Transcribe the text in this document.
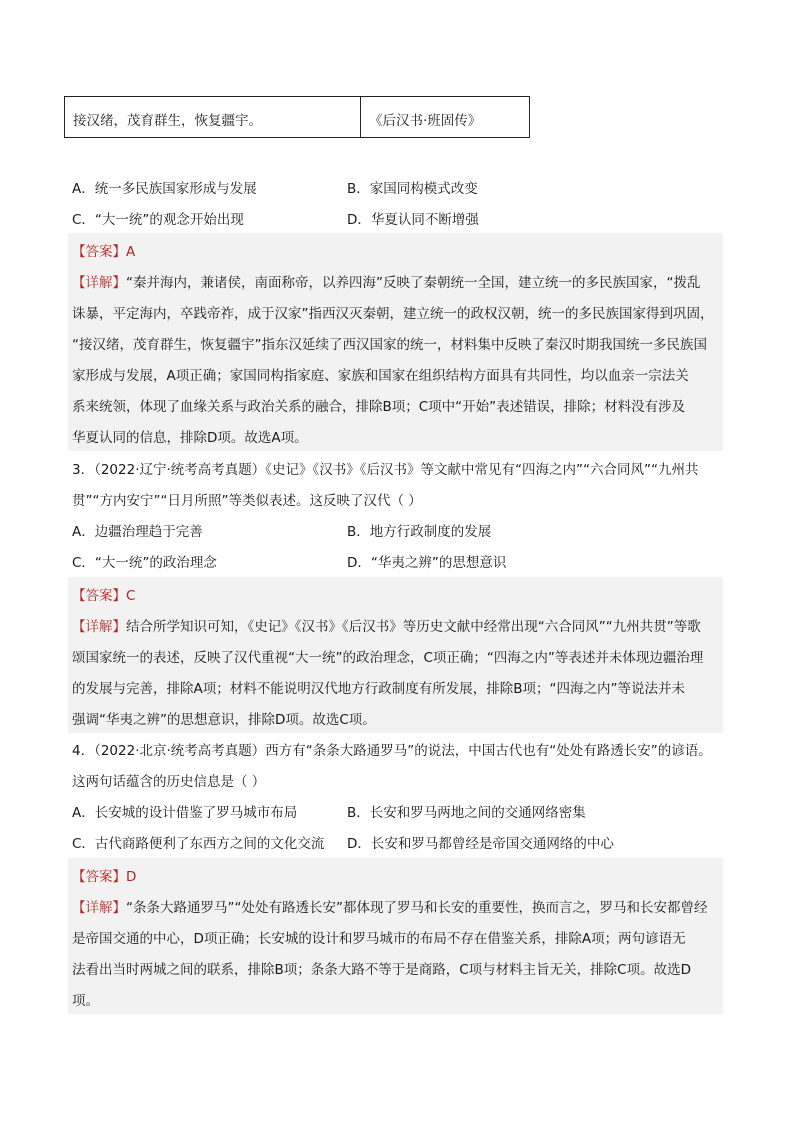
接汉绪，茂育群生，恢复疆宇。	《后汉书·班固传》
A．统一多民族国家形成与发展	B．家国同构模式改变
C．“大一统”的观念开始出现	D．华夏认同不断增强
【答案】A
【详解】“秦并海内，兼诸侯，南面称帝，以养四海”反映了秦朝统一全国，建立统一的多民族国家，“拨乱
诛暴，平定海内，卒践帝祚，成于汉家”指西汉灭秦朝，建立统一的政权汉朝，统一的多民族国家得到巩固，
“接汉绪，茂育群生，恢复疆宇”指东汉延续了西汉国家的统一，材料集中反映了秦汉时期我国统一多民族国
家形成与发展，A项正确；家国同构指家庭、家族和国家在组织结构方面具有共同性，均以血亲一宗法关
系来统领，体现了血缘关系与政治关系的融合，排除B项；C项中“开始”表述错误，排除；材料没有涉及
华夏认同的信息，排除D项。故选A项。
3．（2022·辽宁·统考高考真题）《史记》《汉书》《后汉书》等文献中常见有“四海之内”“六合同风”“九州共
贯”“方内安宁”“日月所照”等类似表述。这反映了汉代（ ）
A．边疆治理趋于完善	B．地方行政制度的发展
C．“大一统”的政治理念	D．“华夷之辨”的思想意识
【答案】C
【详解】结合所学知识可知，《史记》《汉书》《后汉书》等历史文献中经常出现“六合同风”“九州共贯”等歌
颂国家统一的表述，反映了汉代重视“大一统”的政治理念，C项正确；“四海之内”等表述并未体现边疆治理
的发展与完善，排除A项；材料不能说明汉代地方行政制度有所发展，排除B项；“四海之内”等说法并未
强调“华夷之辨”的思想意识，排除D项。故选C项。
4．（2022·北京·统考高考真题）西方有“条条大路通罗马”的说法，中国古代也有“处处有路透长安”的谚语。
这两句话蕴含的历史信息是（ ）
A．长安城的设计借鉴了罗马城市布局	B．长安和罗马两地之间的交通网络密集
C．古代商路便利了东西方之间的文化交流 D．长安和罗马都曾经是帝国交通网络的中心
【答案】D
【详解】“条条大路通罗马”“处处有路透长安”都体现了罗马和长安的重要性，换而言之，罗马和长安都曾经
是帝国交通的中心，D项正确；长安城的设计和罗马城市的布局不存在借鉴关系，排除A项；两句谚语无
法看出当时两城之间的联系，排除B项；条条大路不等于是商路，C项与材料主旨无关，排除C项。故选D
项。
